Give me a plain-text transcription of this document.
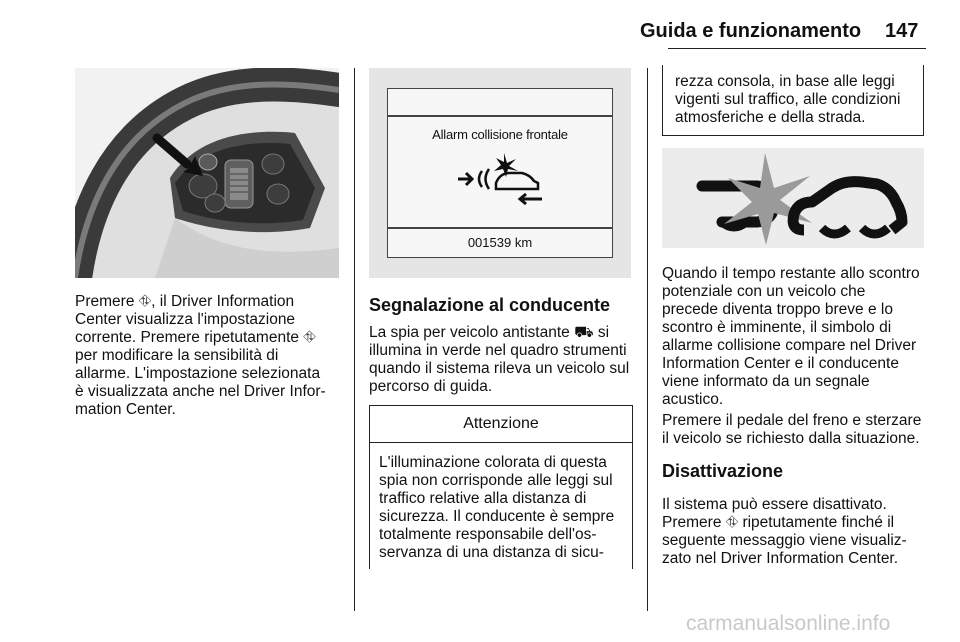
Guida e funzionamento 147

Premere ⛗, il Driver Information
Center visualizza l'impostazione
corrente. Premere ripetutamente ⛗
per modificare la sensibilità di
allarme. L'impostazione selezionata
è visualizzata anche nel Driver Infor-
mation Center.

Allarm collisione frontale
001539 km
Segnalazione al conducente

La spia per veicolo antistante ⛟ si
illumina in verde nel quadro strumenti
quando il sistema rileva un veicolo sul
percorso di guida.

Attenzione

L'illuminazione colorata di questa
spia non corrisponde alle leggi sul
traffico relative alla distanza di
sicurezza. Il conducente è sempre
totalmente responsabile dell'os-
servanza di una distanza di sicu-

rezza consola, in base alle leggi
vigenti sul traffico, alle condizioni
atmosferiche e della strada.

Quando il tempo restante allo scontro
potenziale con un veicolo che
precede diventa troppo breve e lo
scontro è imminente, il simbolo di
allarme collisione compare nel Driver
Information Center e il conducente
viene informato da un segnale
acustico.

Premere il pedale del freno e sterzare
il veicolo se richiesto dalla situazione.

Disattivazione

Il sistema può essere disattivato.
Premere ⛗ ripetutamente finché il
seguente messaggio viene visualiz-
zato nel Driver Information Center.

carmanualsonline.info
